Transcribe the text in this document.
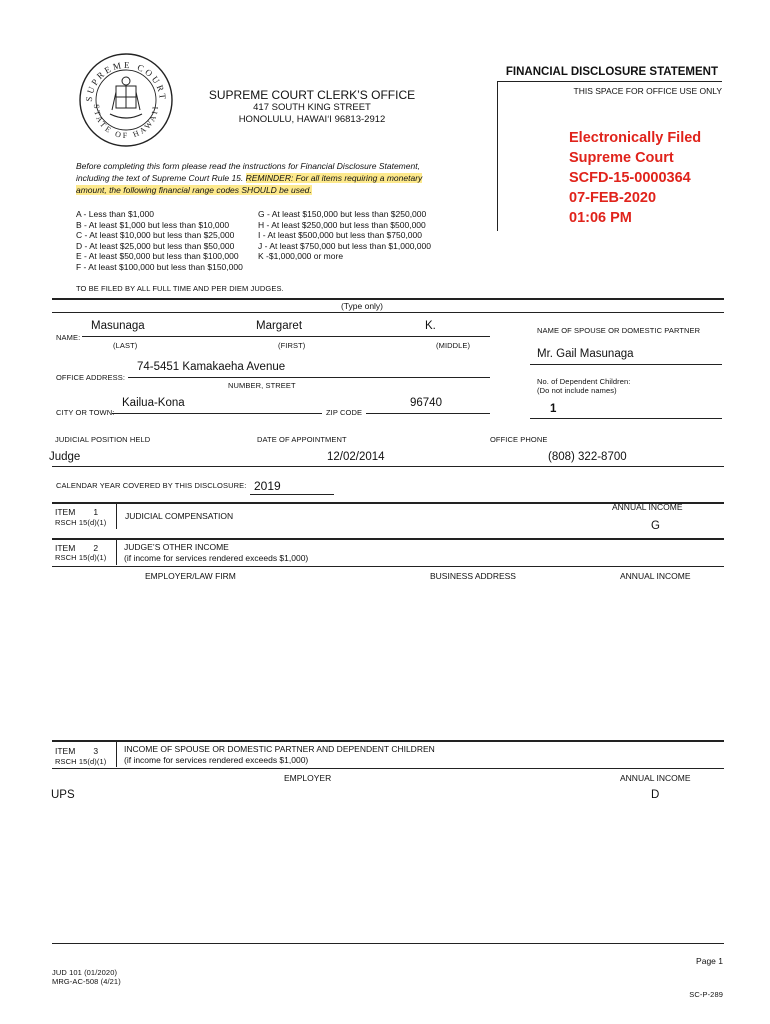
SUPREME COURT
STATE OF HAWAII
SUPREME COURT CLERK’S OFFICE
417 SOUTH KING STREET
HONOLULU, HAWAI‘I 96813-2912
FINANCIAL DISCLOSURE STATEMENT
THIS SPACE FOR OFFICE USE ONLY
Electronically Filed
Supreme Court
SCFD-15-0000364
07-FEB-2020
01:06 PM
Before completing this form please read the instructions for Financial Disclosure Statement,
including the text of Supreme Court Rule 15. REMINDER: For all items requiring a monetary
amount, the following financial range codes SHOULD be used.
A - Less than $1,000
B - At least $1,000 but less than $10,000
C - At least $10,000 but less than $25,000
D - At least $25,000 but less than $50,000
E - At least $50,000 but less than $100,000
F - At least $100,000 but less than $150,000
G - At least $150,000 but less than $250,000
H - At least $250,000 but less than $500,000
I - At least $500,000 but less than $750,000
J - At least $750,000 but less than $1,000,000
K -$1,000,000 or more
TO BE FILED BY ALL FULL TIME AND PER DIEM JUDGES.
(Type only)
NAME:
Masunaga	Margaret	K.
(LAST)	(FIRST)	(MIDDLE)
NAME OF SPOUSE OR DOMESTIC PARTNER
Mr. Gail Masunaga
No. of Dependent Children:
(Do not include names)
1
OFFICE ADDRESS:
74-5451 Kamakaeha Avenue
NUMBER, STREET
CITY OR TOWN:
Kailua-Kona
ZIP CODE
96740
JUDICIAL POSITION HELD	DATE OF APPOINTMENT	OFFICE PHONE
Judge	12/02/2014	(808) 322-8700
CALENDAR YEAR COVERED BY THIS DISCLOSURE: 2019
ITEM 1
RSCH 15(d)(1)
JUDICIAL COMPENSATION
ANNUAL INCOME
G
ITEM 2
RSCH 15(d)(1)
JUDGE’S OTHER INCOME
(if income for services rendered exceeds $1,000)
EMPLOYER/LAW FIRM	BUSINESS ADDRESS	ANNUAL INCOME
ITEM 3
RSCH 15(d)(1)
INCOME OF SPOUSE OR DOMESTIC PARTNER AND DEPENDENT CHILDREN
(if income for services rendered exceeds $1,000)
EMPLOYER	ANNUAL INCOME
UPS	D
Page 1
JUD 101 (01/2020)
MRG-AC-508 (4/21)
SC-P-289
